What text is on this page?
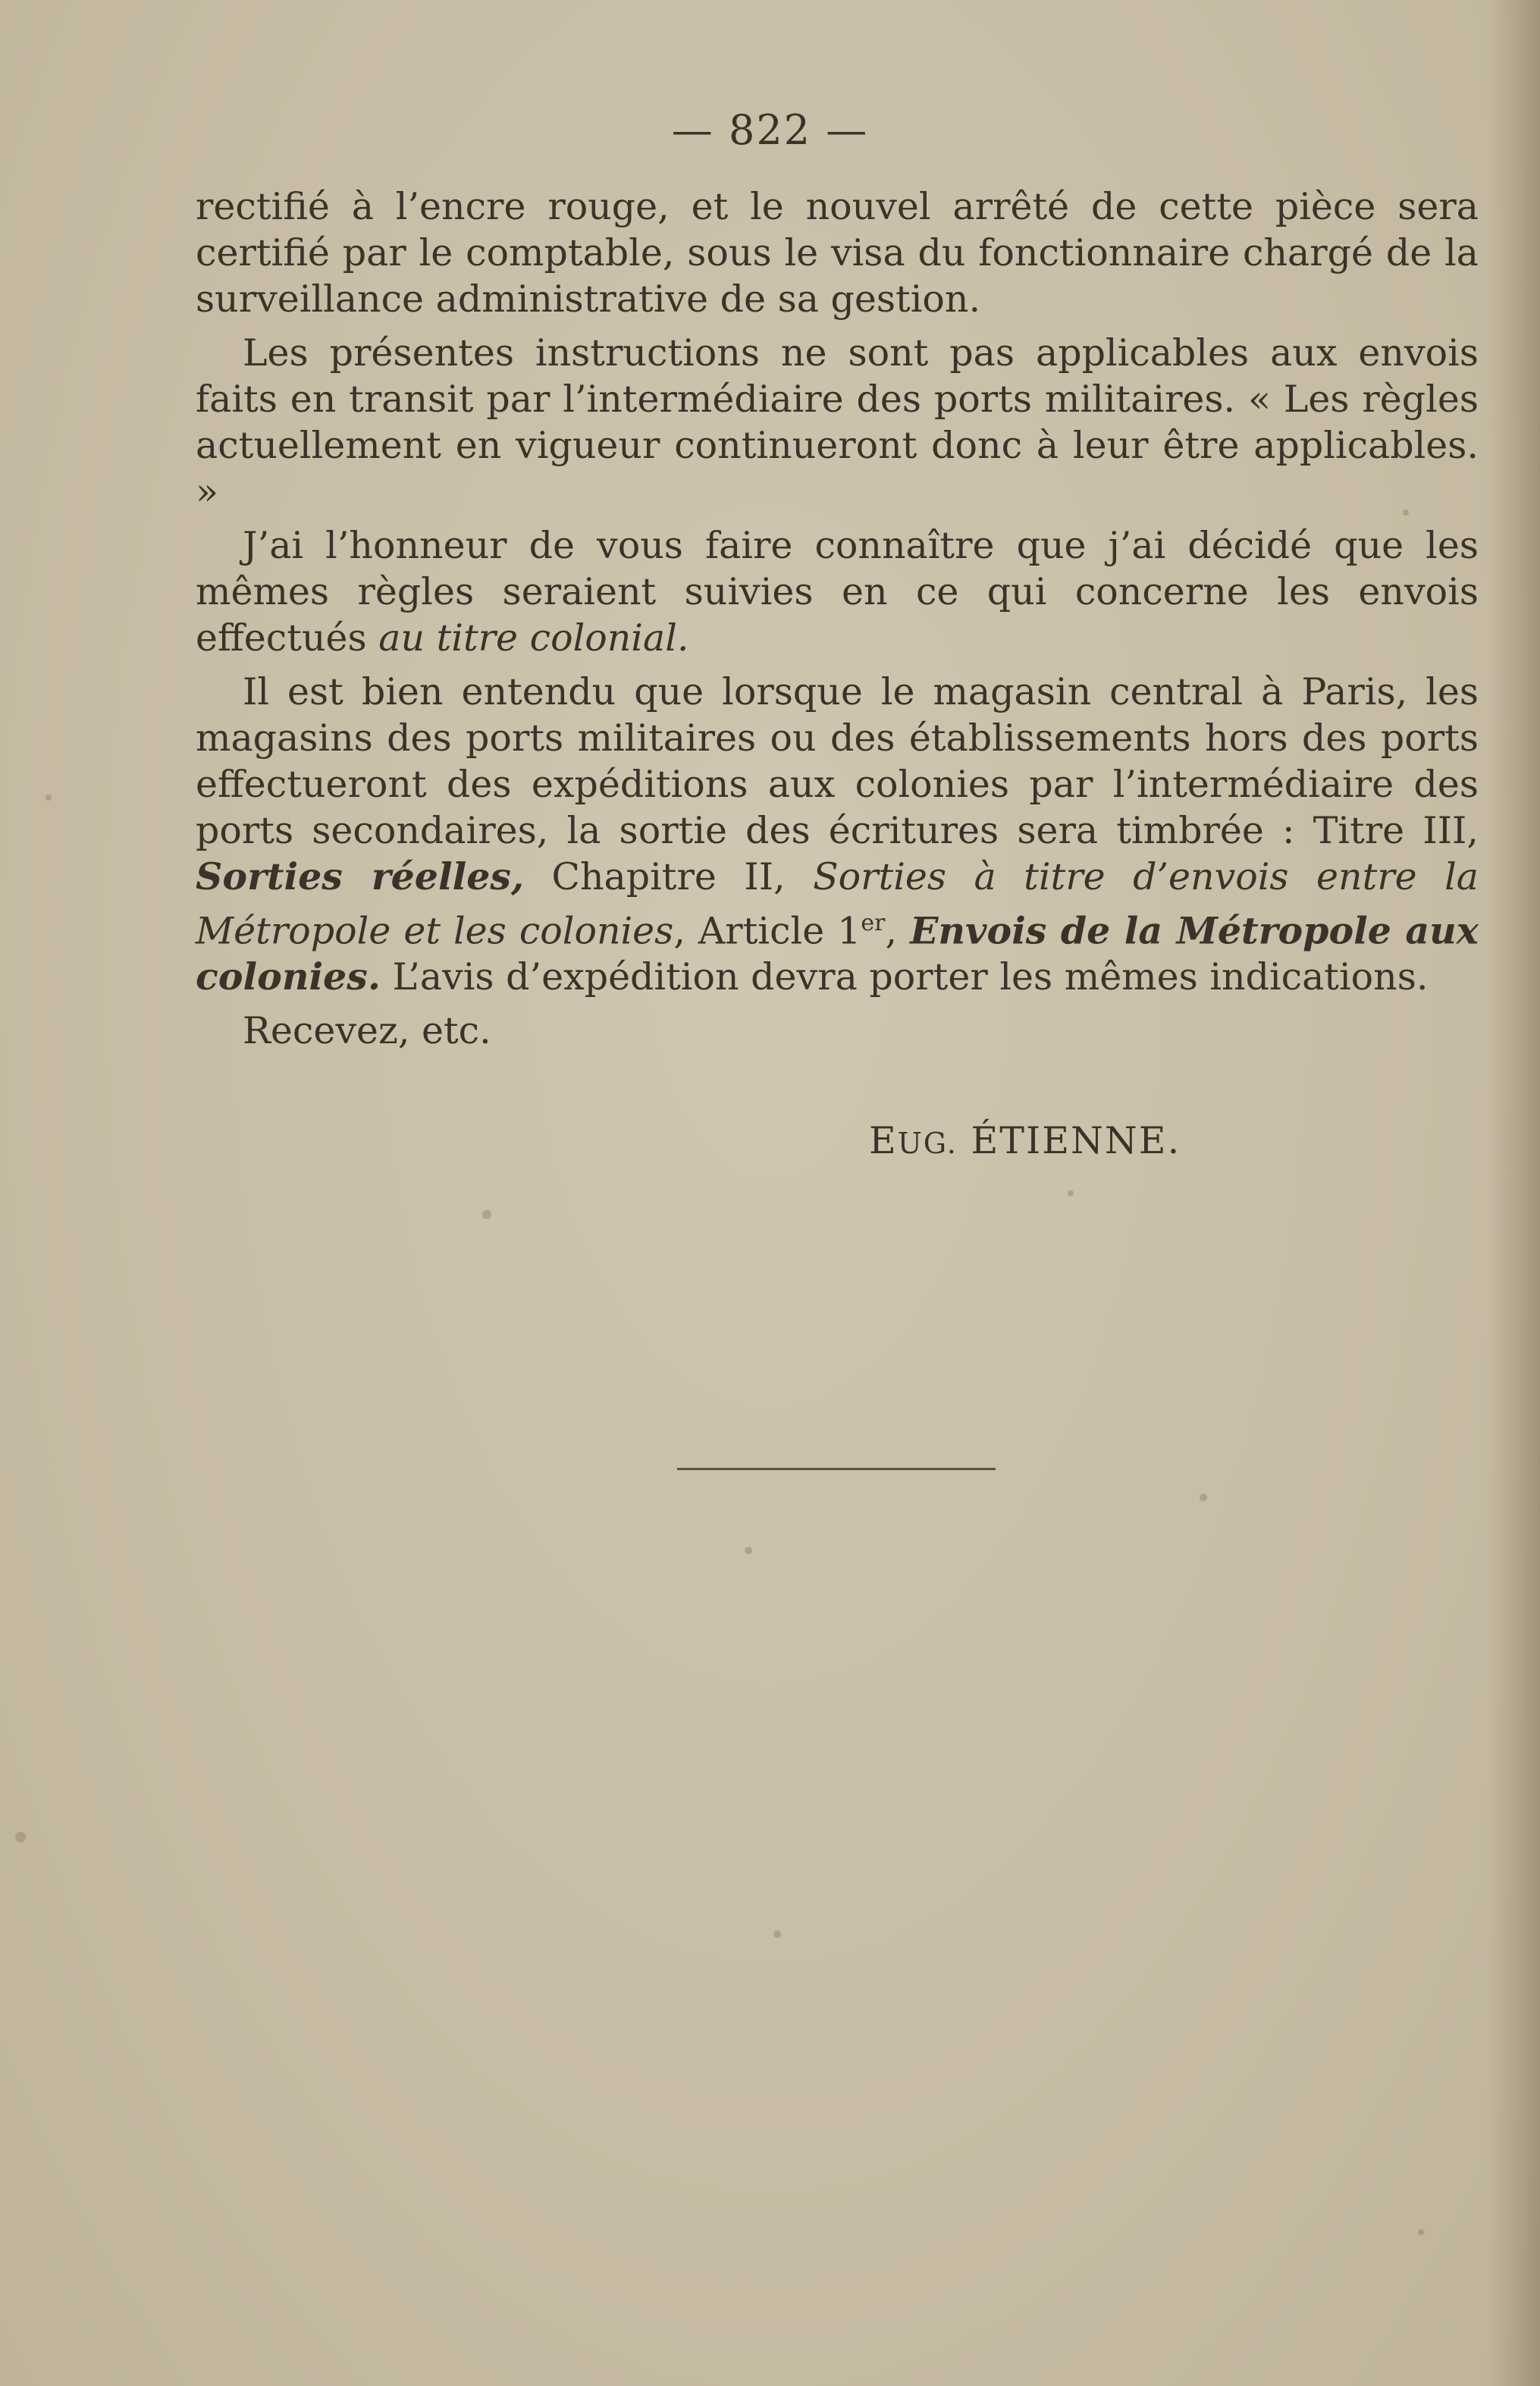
— 822 —

rectifié à l’encre rouge, et le nouvel arrêté de cette pièce sera certifié par le comptable, sous le visa du fonctionnaire chargé de la surveillance administrative de sa gestion.

Les présentes instructions ne sont pas applicables aux envois faits en transit par l’intermédiaire des ports militaires. « Les règles actuellement en vigueur continueront donc à leur être applicables. »

J’ai l’honneur de vous faire connaître que j’ai décidé que les mêmes règles seraient suivies en ce qui concerne les envois effectués au titre colonial.

Il est bien entendu que lorsque le magasin central à Paris, les magasins des ports militaires ou des établissements hors des ports effectueront des expéditions aux colonies par l’intermédiaire des ports secondaires, la sortie des écritures sera timbrée : Titre III, Sorties réelles, Chapitre II, Sorties à titre d’envois entre la Métropole et les colonies, Article 1er, Envois de la Métropole aux colonies. L’avis d’expédition devra porter les mêmes indications.

Recevez, etc.

EUG. ÉTIENNE.
